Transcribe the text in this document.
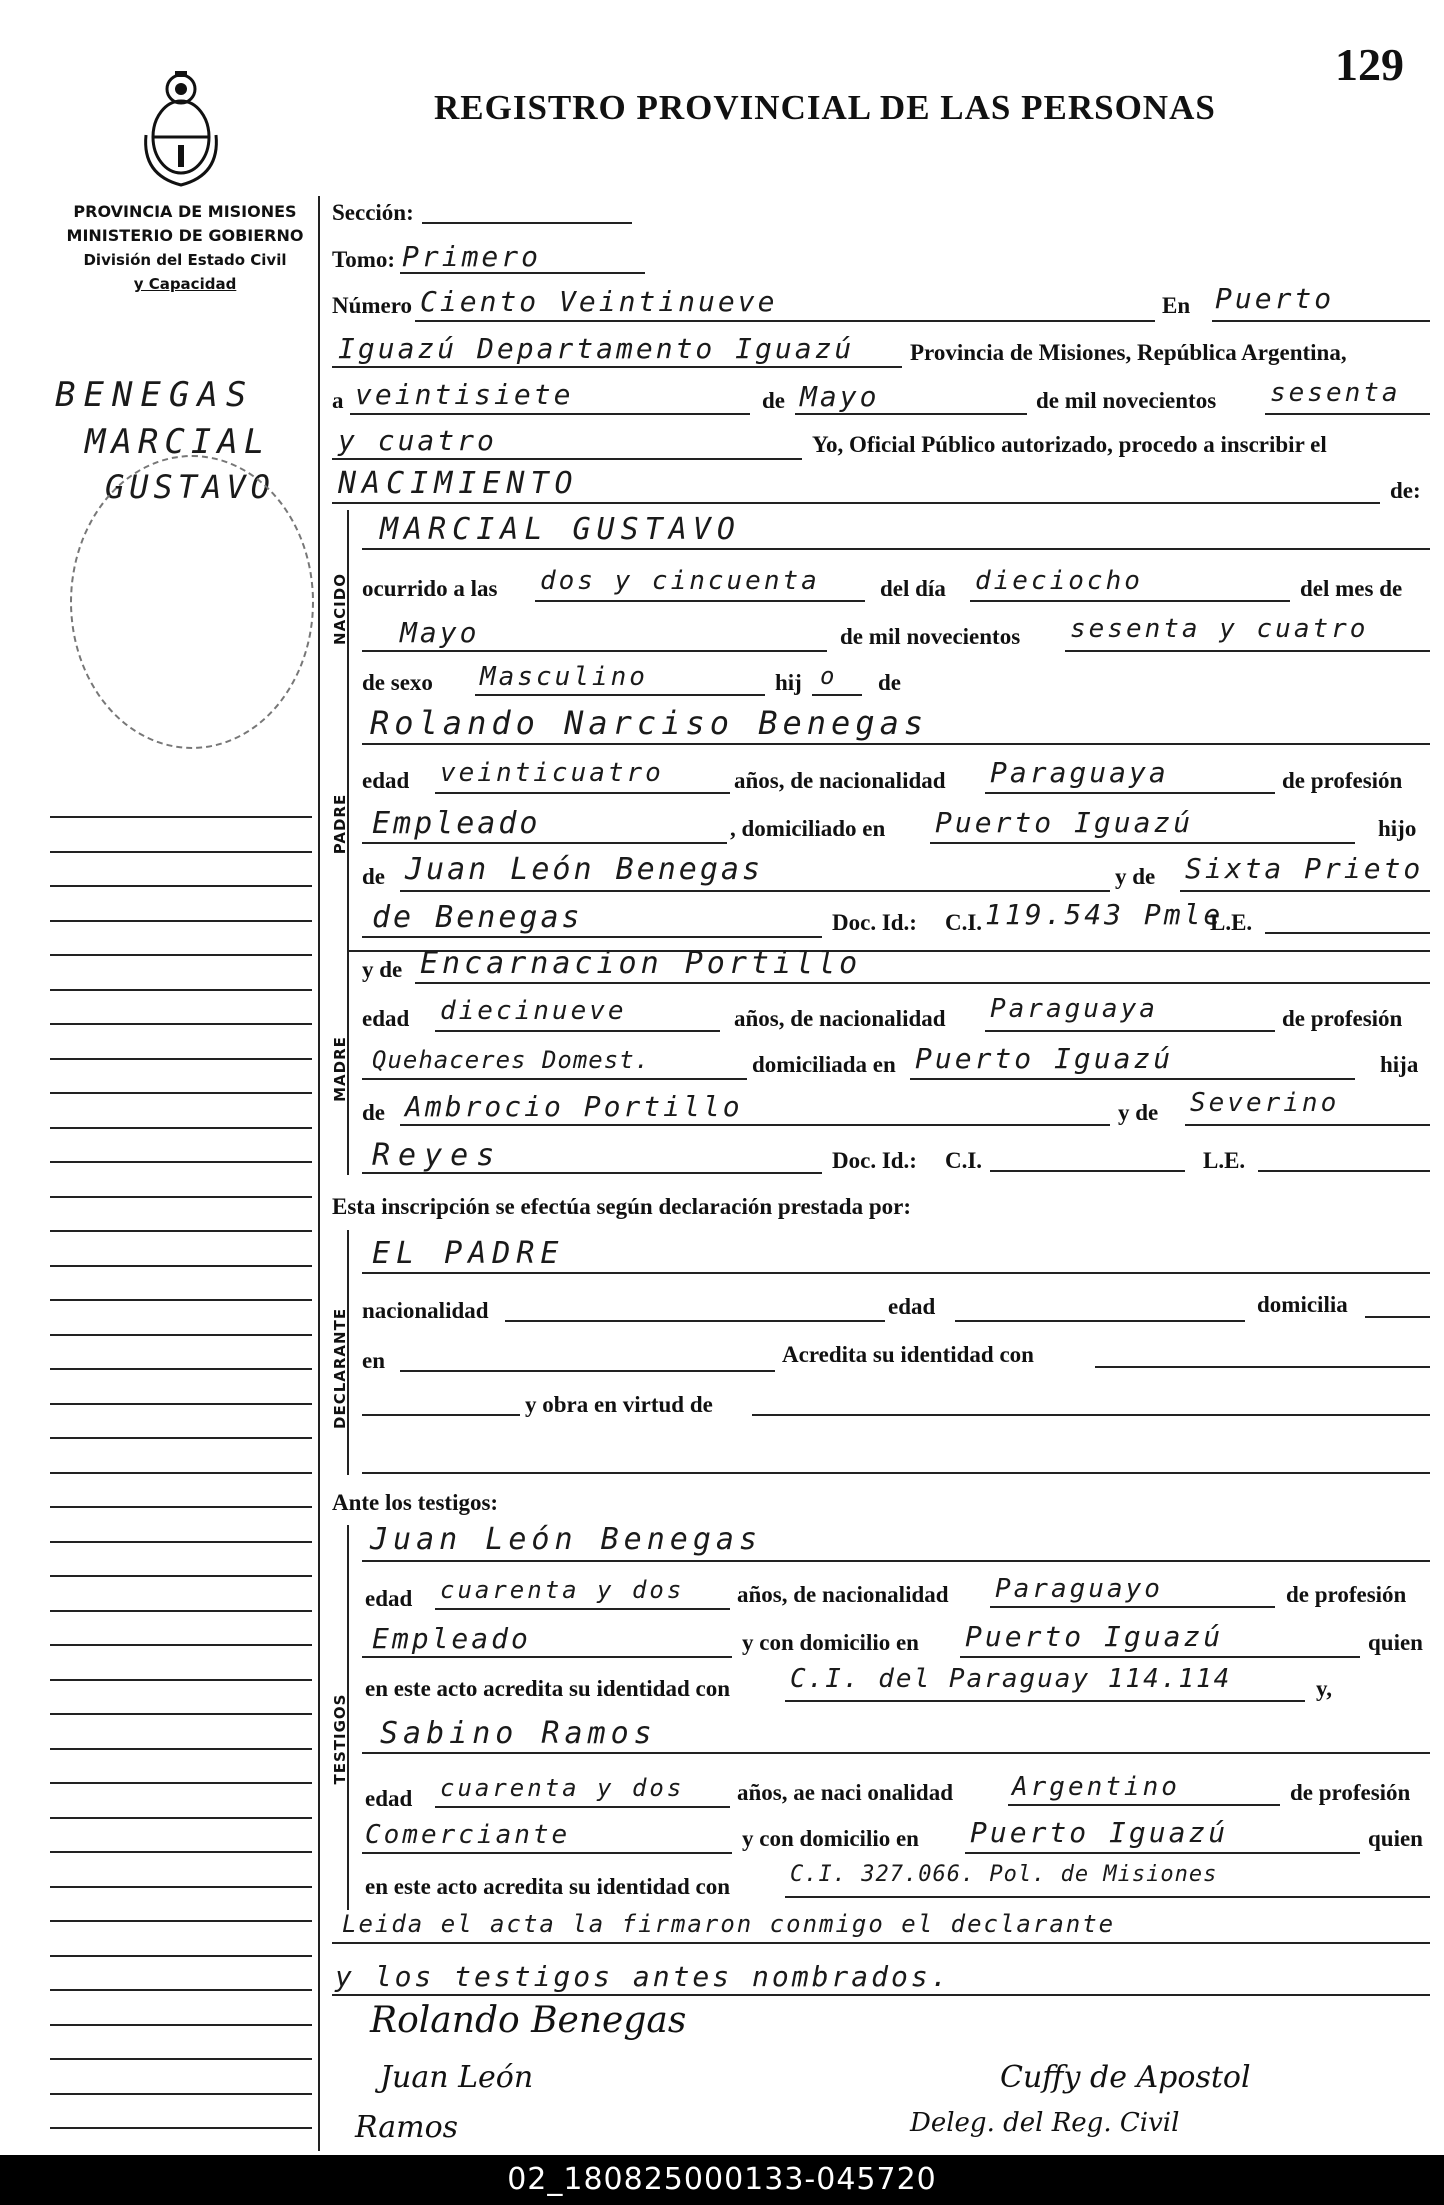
129
REGISTRO PROVINCIAL DE LAS PERSONAS
PROVINCIA DE MISIONES
MINISTERIO DE GOBIERNO
División del Estado Civil
y Capacidad
BENEGAS
MARCIAL
GUSTAVO
Sección:
Tomo: Primero
Número Ciento Veintinueve	En Puerto
Iguazú Departamento Iguazú Provincia de Misiones, República Argentina,
a veintisiete	de Mayo	de mil novecientos sesenta
y cuatro	Yo, Oficial Público autorizado, procedo a inscribir el
NACIMIENTO	de:
NACIDO
MARCIAL GUSTAVO
ocurrido a las dos y cincuenta	del día dieciocho	del mes de
Mayo	de mil novecientos sesenta y cuatro
de sexo Masculino	hij o de
PADRE
Rolando Narciso Benegas
edad veinticuatro	años, de nacionalidad Paraguaya	de profesión
Empleado	, domiciliado en Puerto Iguazú	hijo
de Juan León Benegas	y de Sixta Prieto
de Benegas	Doc. Id.: C.I. 119.543 Pmle
L.E.
MADRE
y de Encarnacion Portillo
edad diecinueve	años, de nacionalidad Paraguaya	de profesión
Quehaceres Domest.	domiciliada en Puerto Iguazú	hija
de Ambrocio Portillo	y de Severino
Reyes	Doc. Id.: C.I.	L.E.
Esta inscripción se efectúa según declaración prestada por:
DECLARANTE
EL PADRE
nacionalidad	edad	domicilia
en	Acredita su identidad con
y obra en virtud de
Ante los testigos:
TESTIGOS
Juan León Benegas
edad cuarenta y dos años, de nacionalidad Paraguayo	de profesión
Empleado	y con domicilio en Puerto Iguazú	quien
en este acto acredita su identidad con C.I. del Paraguay 114.114	y,
Sabino Ramos
edad cuarenta y dos años, ae naci onalidad Argentino	de profesión
Comerciante	y con domicilio en Puerto Iguazú	quien
en este acto acredita su identidad con	C.I. 327.066. Pol. de Misiones
Leida el acta la firmaron conmigo el declarante
y los testigos antes nombrados.
Rolando Benegas
Juan León
Ramos
Cuffy de Apostol
Deleg. del Reg. Civil
02_180825000133-045720
